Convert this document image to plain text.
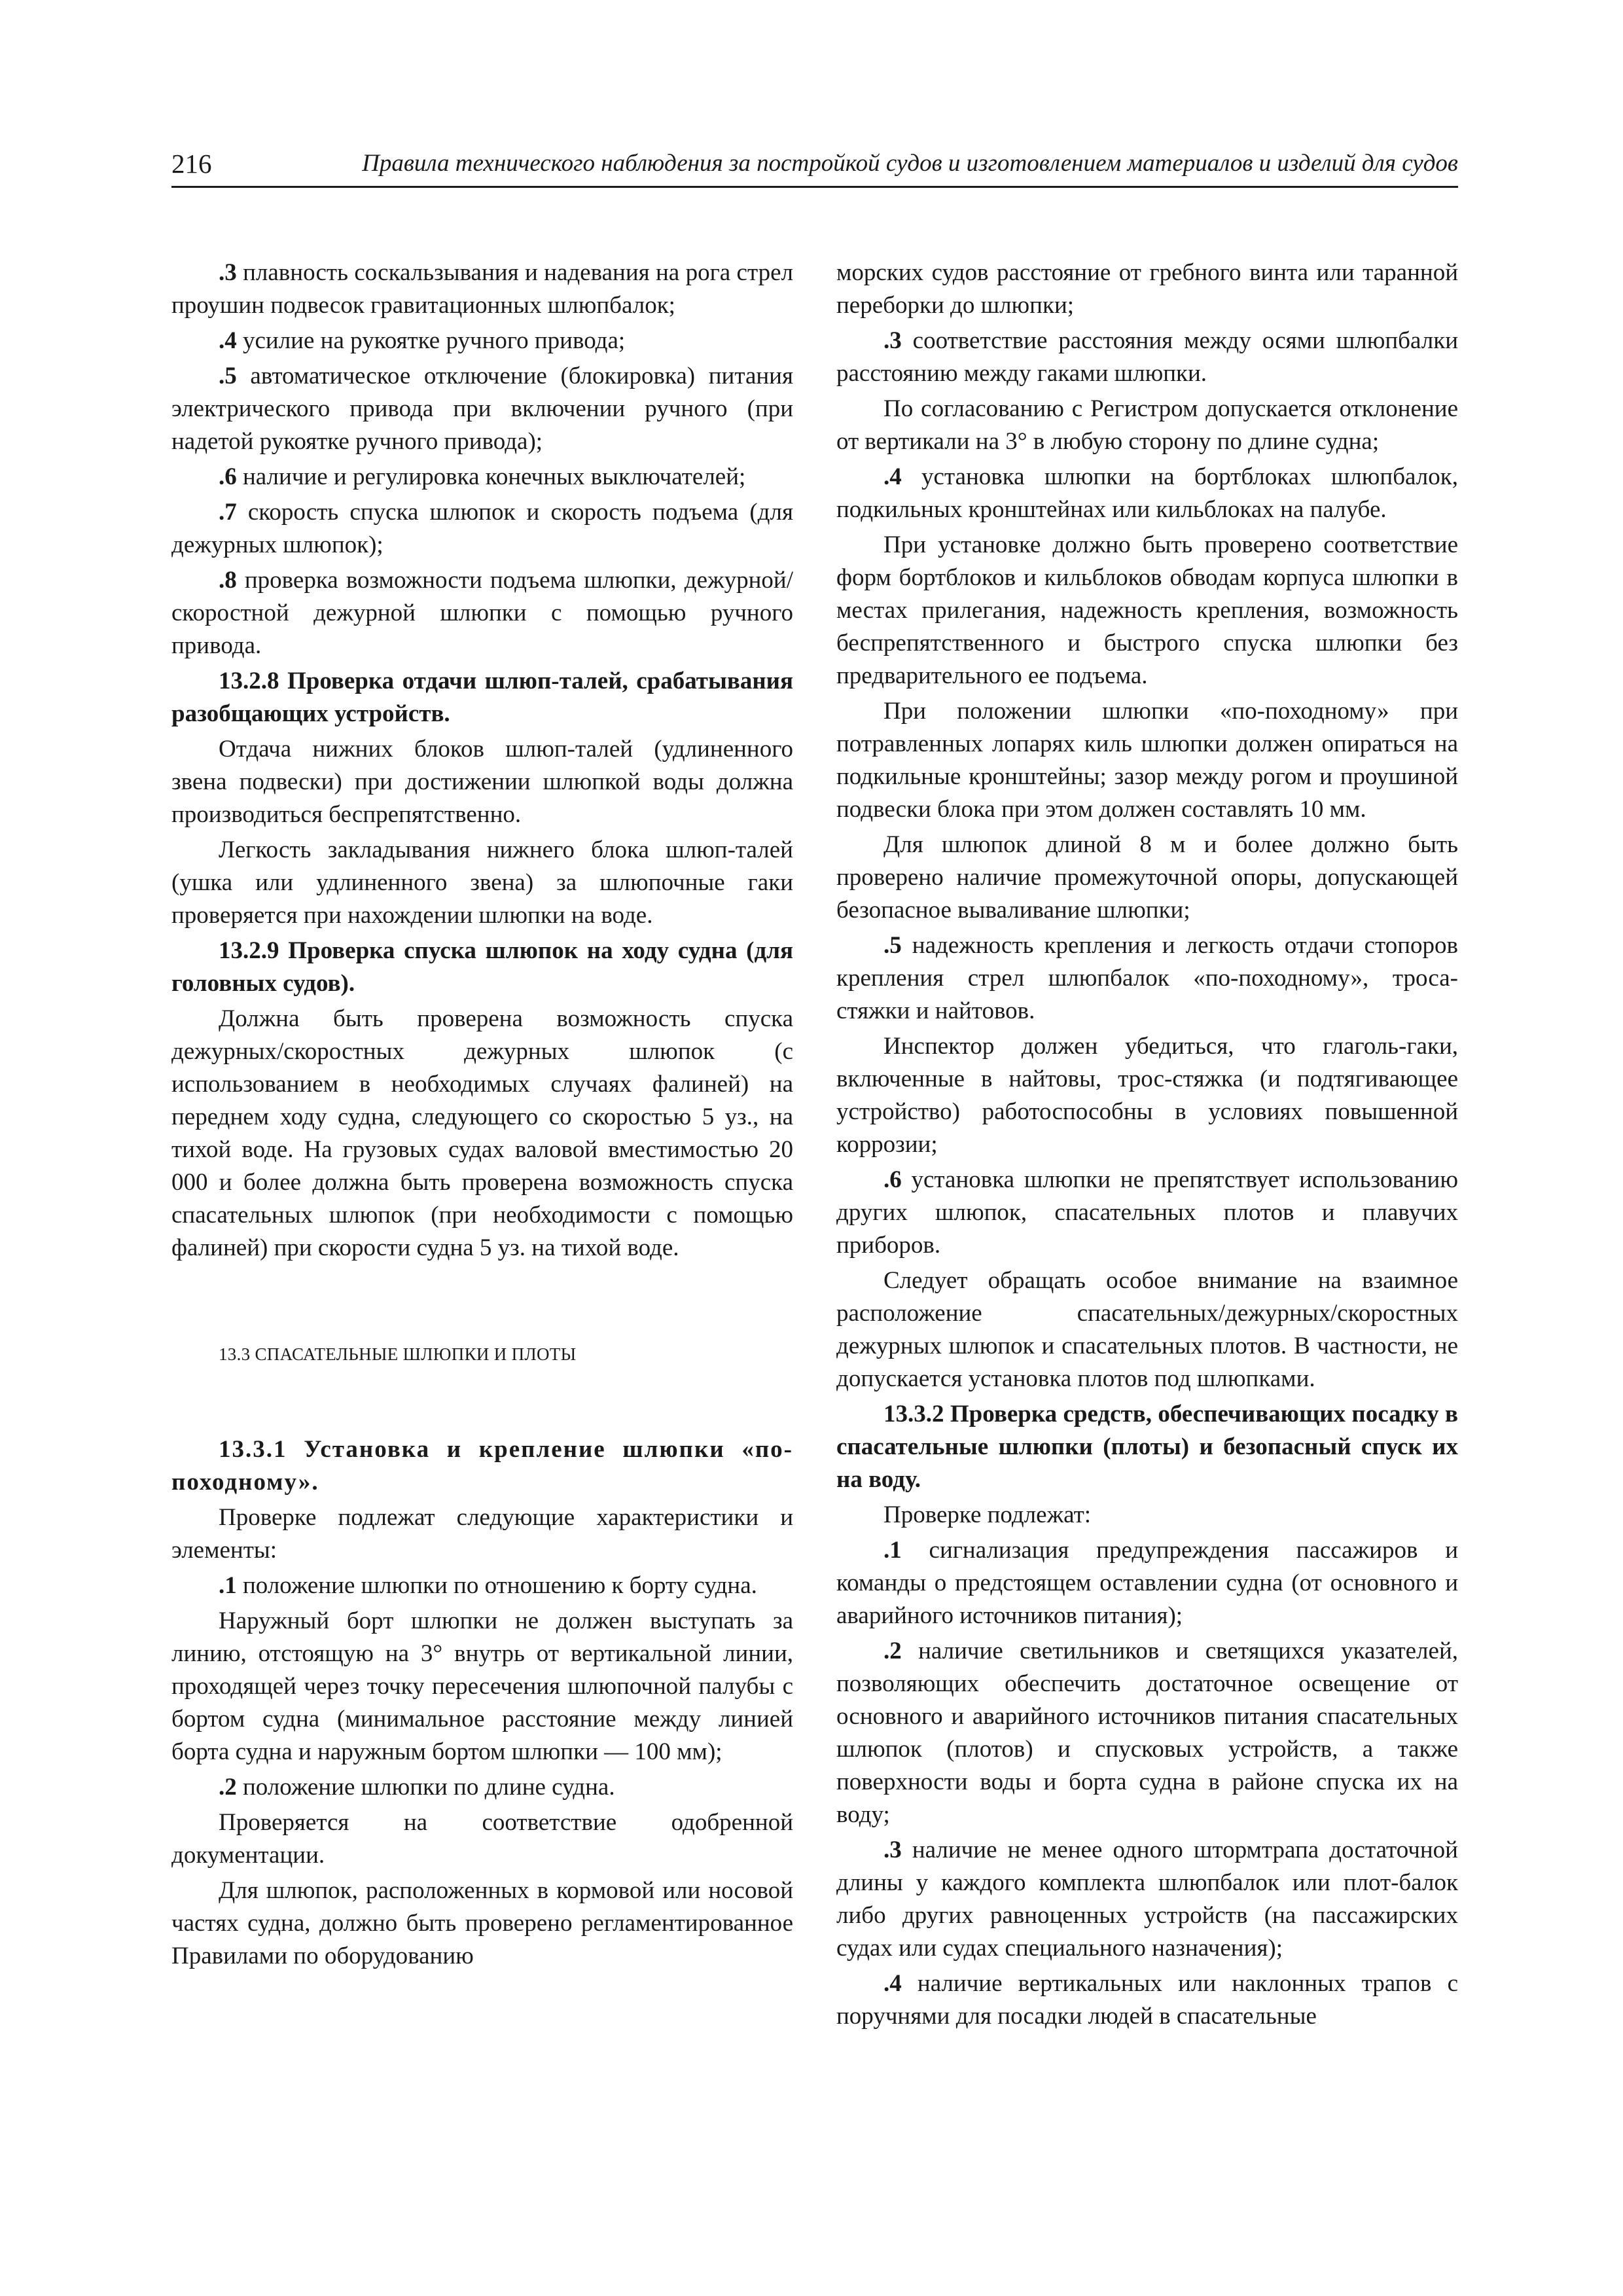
216	Правила технического наблюдения за постройкой судов и изготовлением материалов и изделий для судов

.3 плавность соскальзывания и надевания на рога стрел проушин подвесок гравитационных шлюпбалок;

.4 усилие на рукоятке ручного привода;

.5 автоматическое отключение (блокировка) питания электрического привода при включении ручного (при надетой рукоятке ручного привода);

.6 наличие и регулировка конечных выключателей;

.7 скорость спуска шлюпок и скорость подъема (для дежурных шлюпок);

.8 проверка возможности подъема шлюпки, дежурной/скоростной дежурной шлюпки с помощью ручного привода.

13.2.8 Проверка отдачи шлюп-талей, срабатывания разобщающих устройств.

Отдача нижних блоков шлюп-талей (удлиненного звена подвески) при достижении шлюпкой воды должна производиться беспрепятственно.

Легкость закладывания нижнего блока шлюп-талей (ушка или удлиненного звена) за шлюпочные гаки проверяется при нахождении шлюпки на воде.

13.2.9 Проверка спуска шлюпок на ходу судна (для головных судов).

Должна быть проверена возможность спуска дежурных/скоростных дежурных шлюпок (с использованием в необходимых случаях фалиней) на переднем ходу судна, следующего со скоростью 5 уз., на тихой воде. На грузовых судах валовой вместимостью 20 000 и более должна быть проверена возможность спуска спасательных шлюпок (при необходимости с помощью фалиней) при скорости судна 5 уз. на тихой воде.

13.3 СПАСАТЕЛЬНЫЕ ШЛЮПКИ И ПЛОТЫ

13.3.1 Установка и крепление шлюпки «по-походному».

Проверке подлежат следующие характеристики и элементы:

.1 положение шлюпки по отношению к борту судна.

Наружный борт шлюпки не должен выступать за линию, отстоящую на 3° внутрь от вертикальной линии, проходящей через точку пересечения шлюпочной палубы с бортом судна (минимальное расстояние между линией борта судна и наружным бортом шлюпки — 100 мм);

.2 положение шлюпки по длине судна.

Проверяется на соответствие одобренной документации.

Для шлюпок, расположенных в кормовой или носовой частях судна, должно быть проверено регламентированное Правилами по оборудованию

морских судов расстояние от гребного винта или таранной переборки до шлюпки;

.3 соответствие расстояния между осями шлюпбалки расстоянию между гаками шлюпки.

По согласованию с Регистром допускается отклонение от вертикали на 3° в любую сторону по длине судна;

.4 установка шлюпки на бортблоках шлюпбалок, подкильных кронштейнах или кильблоках на палубе.

При установке должно быть проверено соответствие форм бортблоков и кильблоков обводам корпуса шлюпки в местах прилегания, надежность крепления, возможность беспрепятственного и быстрого спуска шлюпки без предварительного ее подъема.

При положении шлюпки «по-походному» при потравленных лопарях киль шлюпки должен опираться на подкильные кронштейны; зазор между рогом и проушиной подвески блока при этом должен составлять 10 мм.

Для шлюпок длиной 8 м и более должно быть проверено наличие промежуточной опоры, допускающей безопасное вываливание шлюпки;

.5 надежность крепления и легкость отдачи стопоров крепления стрел шлюпбалок «по-походному», троса-стяжки и найтовов.

Инспектор должен убедиться, что глаголь-гаки, включенные в найтовы, трос-стяжка (и подтягивающее устройство) работоспособны в условиях повышенной коррозии;

.6 установка шлюпки не препятствует использованию других шлюпок, спасательных плотов и плавучих приборов.

Следует обращать особое внимание на взаимное расположение спасательных/дежурных/скоростных дежурных шлюпок и спасательных плотов. В частности, не допускается установка плотов под шлюпками.

13.3.2 Проверка средств, обеспечивающих посадку в спасательные шлюпки (плоты) и безопасный спуск их на воду.

Проверке подлежат:

.1 сигнализация предупреждения пассажиров и команды о предстоящем оставлении судна (от основного и аварийного источников питания);

.2 наличие светильников и светящихся указателей, позволяющих обеспечить достаточное освещение от основного и аварийного источников питания спасательных шлюпок (плотов) и спусковых устройств, а также поверхности воды и борта судна в районе спуска их на воду;

.3 наличие не менее одного штормтрапа достаточной длины у каждого комплекта шлюпбалок или плот-балок либо других равноценных устройств (на пассажирских судах или судах специального назначения);

.4 наличие вертикальных или наклонных трапов с поручнями для посадки людей в спасательные
